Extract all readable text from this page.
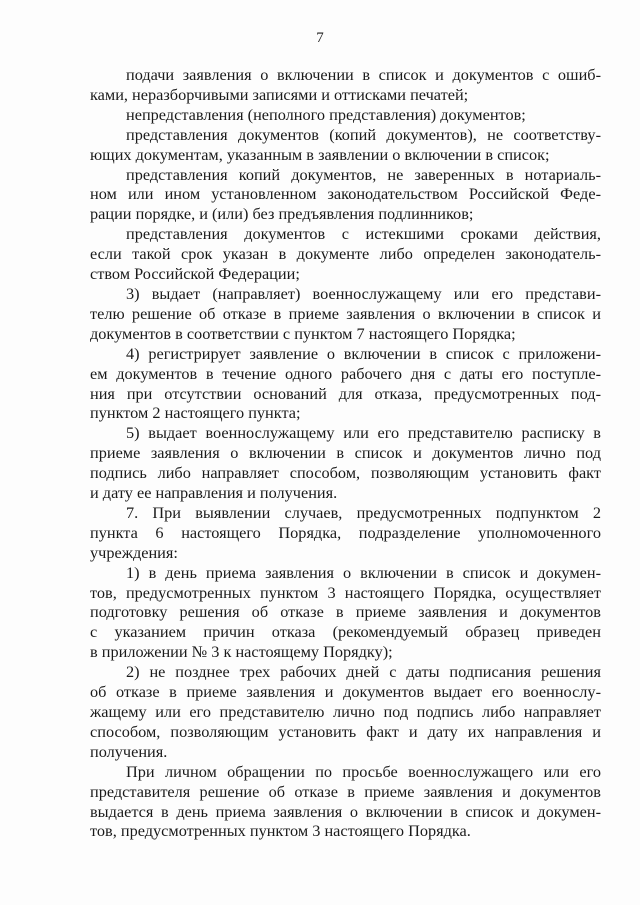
7
подачи заявления о включении в список и документов с ошиб-
ками, неразборчивыми записями и оттисками печатей;
непредставления (неполного представления) документов;
представления документов (копий документов), не соответству-
ющих документам, указанным в заявлении о включении в список;
представления копий документов, не заверенных в нотариаль-
ном или ином установленном законодательством Российской Феде-
рации порядке, и (или) без предъявления подлинников;
представления документов с истекшими сроками действия,
если такой срок указан в документе либо определен законодатель-
ством Российской Федерации;
3) выдает (направляет) военнослужащему или его представи-
телю решение об отказе в приеме заявления о включении в список и
документов в соответствии с пунктом 7 настоящего Порядка;
4) регистрирует заявление о включении в список с приложени-
ем документов в течение одного рабочего дня с даты его поступле-
ния при отсутствии оснований для отказа, предусмотренных под-
пунктом 2 настоящего пункта;
5) выдает военнослужащему или его представителю расписку в
приеме заявления о включении в список и документов лично под
подпись либо направляет способом, позволяющим установить факт
и дату ее направления и получения.
7. При выявлении случаев, предусмотренных подпунктом 2
пункта 6 настоящего Порядка, подразделение уполномоченного
учреждения:
1) в день приема заявления о включении в список и докумен-
тов, предусмотренных пунктом 3 настоящего Порядка, осуществляет
подготовку решения об отказе в приеме заявления и документов
с указанием причин отказа (рекомендуемый образец приведен
в приложении № 3 к настоящему Порядку);
2) не позднее трех рабочих дней с даты подписания решения
об отказе в приеме заявления и документов выдает его военнослу-
жащему или его представителю лично под подпись либо направляет
способом, позволяющим установить факт и дату их направления и
получения.
При личном обращении по просьбе военнослужащего или его
представителя решение об отказе в приеме заявления и документов
выдается в день приема заявления о включении в список и докумен-
тов, предусмотренных пунктом 3 настоящего Порядка.
